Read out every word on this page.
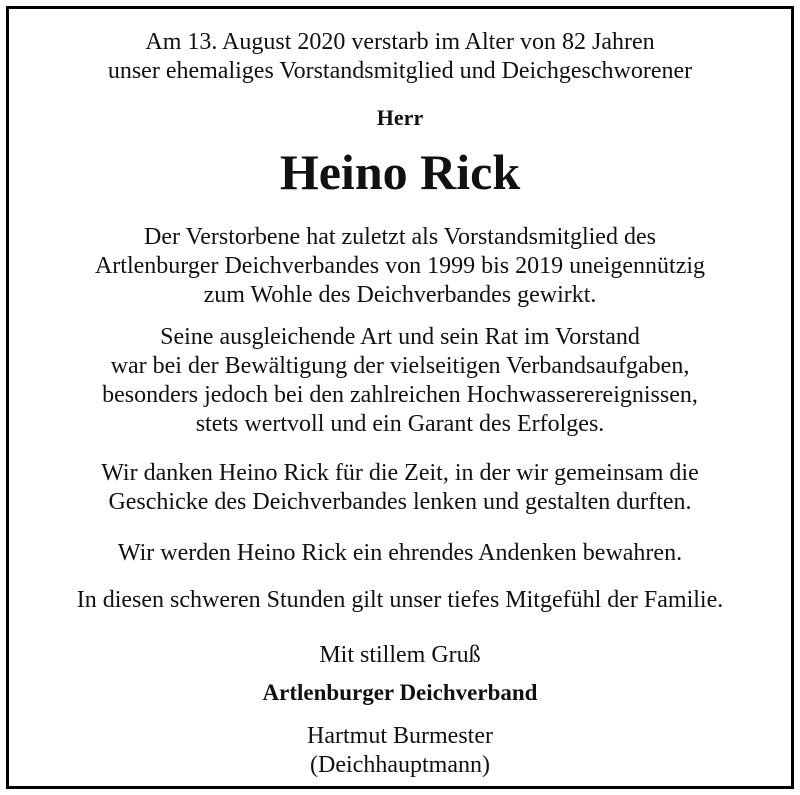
Am 13. August 2020 verstarb im Alter von 82 Jahren
unser ehemaliges Vorstandsmitglied und Deichgeschworener
Herr
Heino Rick
Der Verstorbene hat zuletzt als Vorstandsmitglied des
Artlenburger Deichverbandes von 1999 bis 2019 uneigennützig
zum Wohle des Deichverbandes gewirkt.
Seine ausgleichende Art und sein Rat im Vorstand
war bei der Bewältigung der vielseitigen Verbandsaufgaben,
besonders jedoch bei den zahlreichen Hochwasserereignissen,
stets wertvoll und ein Garant des Erfolges.
Wir danken Heino Rick für die Zeit, in der wir gemeinsam die
Geschicke des Deichverbandes lenken und gestalten durften.
Wir werden Heino Rick ein ehrendes Andenken bewahren.
In diesen schweren Stunden gilt unser tiefes Mitgefühl der Familie.
Mit stillem Gruß
Artlenburger Deichverband
Hartmut Burmester
(Deichhauptmann)
